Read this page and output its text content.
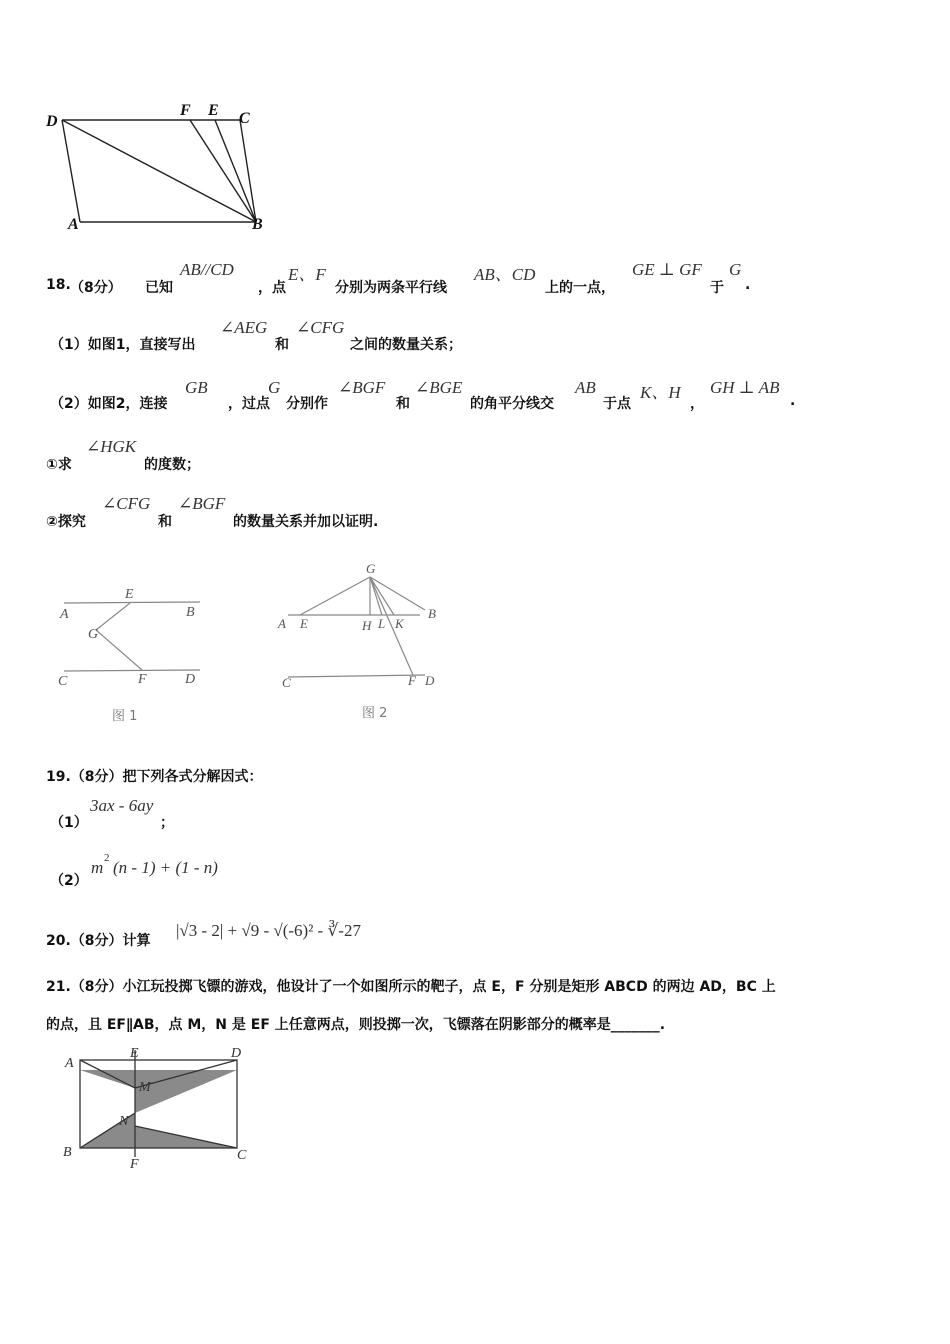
D
F E C
A	B
18. （8分） 已知
AB//CD
，点
E、F
分别为两条平行线
AB、CD
上的一点，
GE ⊥ GF
于
G
.
（1）如图1，直接写出
∠AEG
和
∠CFG
之间的数量关系；
（2）如图2，连接
GB
，过点
G
分别作
∠BGF
和
∠BGE
的角平分线交
AB
于点
K、H
，
GH ⊥ AB
.
①求
∠HGK
的度数；
②探究
∠CFG
和
∠BGF
的数量关系并加以证明.
A
E
B
G
C	F	D
图 1
G
A E	H L K
B
C	F D
图 2
19.（8分）把下列各式分解因式：
（1）
3ax - 6ay
；
（2）
m 2 (n - 1) + (1 - n)
20.（8分）计算
|√3 - 2| + √9 - √(-6)² - ∛-27
21.（8分）小江玩投掷飞镖的游戏，他设计了一个如图所示的靶子，点 E，F 分别是矩形 ABCD 的两边 AD，BC 上
的点，且 EF∥AB，点 M，N 是 EF 上任意两点，则投掷一次，飞镖落在阴影部分的概率是_______.
A
E	D
M
N
B
F
C
